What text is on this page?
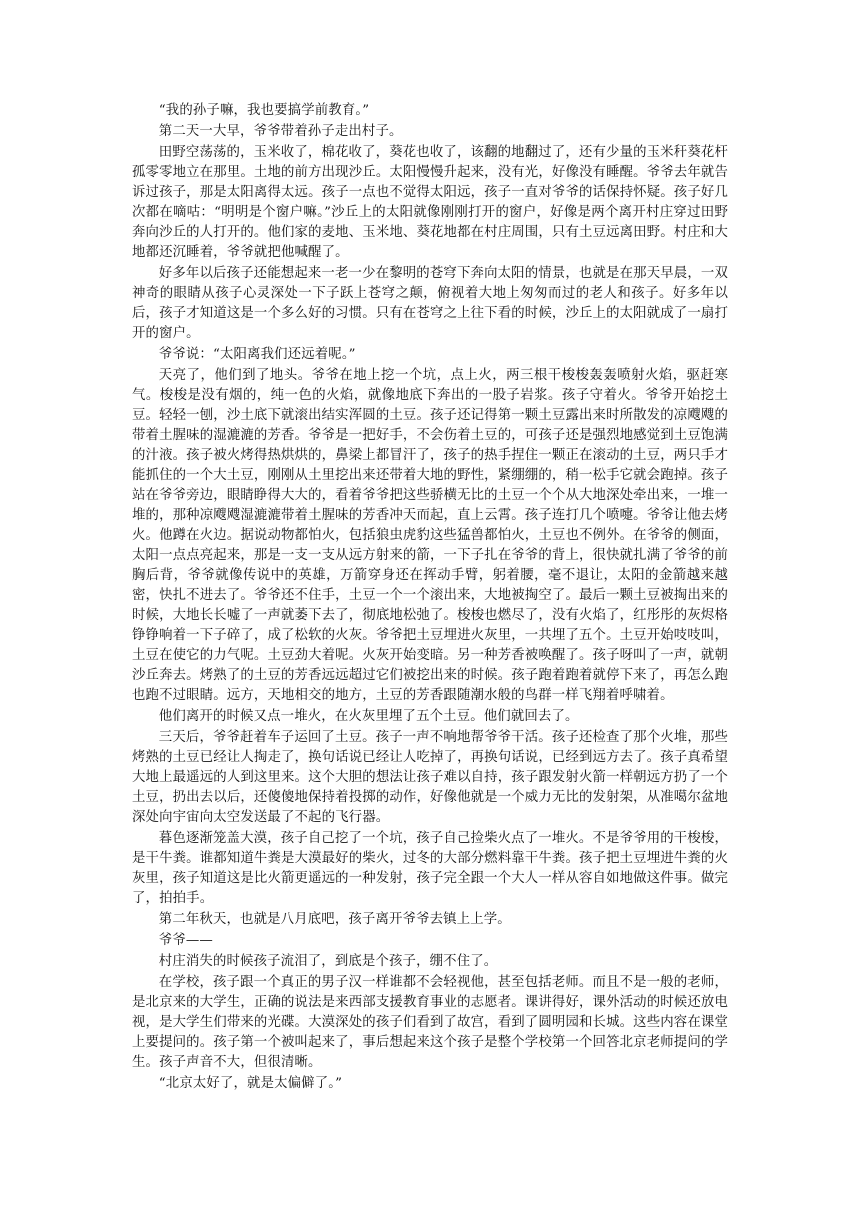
“我的孙子嘛，我也要搞学前教育。”

第二天一大早，爷爷带着孙子走出村子。

田野空荡荡的，玉米收了，棉花收了，葵花也收了，该翻的地翻过了，还有少量的玉米秆葵花杆孤零零地立在那里。土地的前方出现沙丘。太阳慢慢升起来，没有光，好像没有睡醒。爷爷去年就告诉过孩子，那是太阳离得太远。孩子一点也不觉得太阳远，孩子一直对爷爷的话保持怀疑。孩子好几次都在嘀咕：“明明是个窗户嘛。”沙丘上的太阳就像刚刚打开的窗户，好像是两个离开村庄穿过田野奔向沙丘的人打开的。他们家的麦地、玉米地、葵花地都在村庄周围，只有土豆远离田野。村庄和大地都还沉睡着，爷爷就把他喊醒了。

好多年以后孩子还能想起来一老一少在黎明的苍穹下奔向太阳的情景，也就是在那天早晨，一双神奇的眼睛从孩子心灵深处一下子跃上苍穹之颠，俯视着大地上匆匆而过的老人和孩子。好多年以后，孩子才知道这是一个多么好的习惯。只有在苍穹之上往下看的时候，沙丘上的太阳就成了一扇打开的窗户。

爷爷说：“太阳离我们还远着呢。”

天亮了，他们到了地头。爷爷在地上挖一个坑，点上火，两三根干梭梭轰轰喷射火焰，驱赶寒气。梭梭是没有烟的，纯一色的火焰，就像地底下奔出的一股子岩浆。孩子守着火。爷爷开始挖土豆。轻轻一刨，沙土底下就滚出结实浑圆的土豆。孩子还记得第一颗土豆露出来时所散发的凉飕飕的带着土腥味的湿漉漉的芳香。爷爷是一把好手，不会伤着土豆的，可孩子还是强烈地感觉到土豆饱满的汁液。孩子被火烤得热烘烘的，鼻梁上都冒汗了，孩子的热手捏住一颗正在滚动的土豆，两只手才能抓住的一个大土豆，刚刚从土里挖出来还带着大地的野性，紧绷绷的，稍一松手它就会跑掉。孩子站在爷爷旁边，眼睛睁得大大的，看着爷爷把这些骄横无比的土豆一个个从大地深处牵出来，一堆一堆的，那种凉飕飕湿漉漉带着土腥味的芳香冲天而起，直上云霄。孩子连打几个喷嚏。爷爷让他去烤火。他蹲在火边。据说动物都怕火，包括狼虫虎豹这些猛兽都怕火，土豆也不例外。在爷爷的侧面，太阳一点点亮起来，那是一支一支从远方射来的箭，一下子扎在爷爷的背上，很快就扎满了爷爷的前胸后背，爷爷就像传说中的英雄，万箭穿身还在挥动手臂，躬着腰，毫不退让，太阳的金箭越来越密，快扎不进去了。爷爷还不住手，土豆一个一个滚出来，大地被掏空了。最后一颗土豆被掏出来的时候，大地长长嘘了一声就萎下去了，彻底地松弛了。梭梭也燃尽了，没有火焰了，红彤彤的灰烬格铮铮响着一下子碎了，成了松软的火灰。爷爷把土豆埋进火灰里，一共埋了五个。土豆开始吱吱叫，土豆在使它的力气呢。土豆劲大着呢。火灰开始变暗。另一种芳香被唤醒了。孩子呀叫了一声，就朝沙丘奔去。烤熟了的土豆的芳香远远超过它们被挖出来的时候。孩子跑着跑着就停下来了，再怎么跑也跑不过眼睛。远方，天地相交的地方，土豆的芳香跟随潮水般的鸟群一样飞翔着呼啸着。

他们离开的时候又点一堆火，在火灰里埋了五个土豆。他们就回去了。

三天后，爷爷赶着车子运回了土豆。孩子一声不响地帮爷爷干活。孩子还检查了那个火堆，那些烤熟的土豆已经让人掏走了，换句话说已经让人吃掉了，再换句话说，已经到远方去了。孩子真希望大地上最遥远的人到这里来。这个大胆的想法让孩子难以自持，孩子跟发射火箭一样朝远方扔了一个土豆，扔出去以后，还傻傻地保持着投掷的动作，好像他就是一个威力无比的发射架，从准噶尔盆地深处向宇宙向太空发送最了不起的飞行器。

暮色逐渐笼盖大漠，孩子自己挖了一个坑，孩子自己捡柴火点了一堆火。不是爷爷用的干梭梭，是干牛粪。谁都知道牛粪是大漠最好的柴火，过冬的大部分燃料靠干牛粪。孩子把土豆埋进牛粪的火灰里，孩子知道这是比火箭更遥远的一种发射，孩子完全跟一个大人一样从容自如地做这件事。做完了，拍拍手。

第二年秋天，也就是八月底吧，孩子离开爷爷去镇上上学。

爷爷——

村庄消失的时候孩子流泪了，到底是个孩子，绷不住了。

在学校，孩子跟一个真正的男子汉一样谁都不会轻视他，甚至包括老师。而且不是一般的老师，是北京来的大学生，正确的说法是来西部支援教育事业的志愿者。课讲得好，课外活动的时候还放电视，是大学生们带来的光碟。大漠深处的孩子们看到了故宫，看到了圆明园和长城。这些内容在课堂上要提问的。孩子第一个被叫起来了，事后想起来这个孩子是整个学校第一个回答北京老师提问的学生。孩子声音不大，但很清晰。

“北京太好了，就是太偏僻了。”
